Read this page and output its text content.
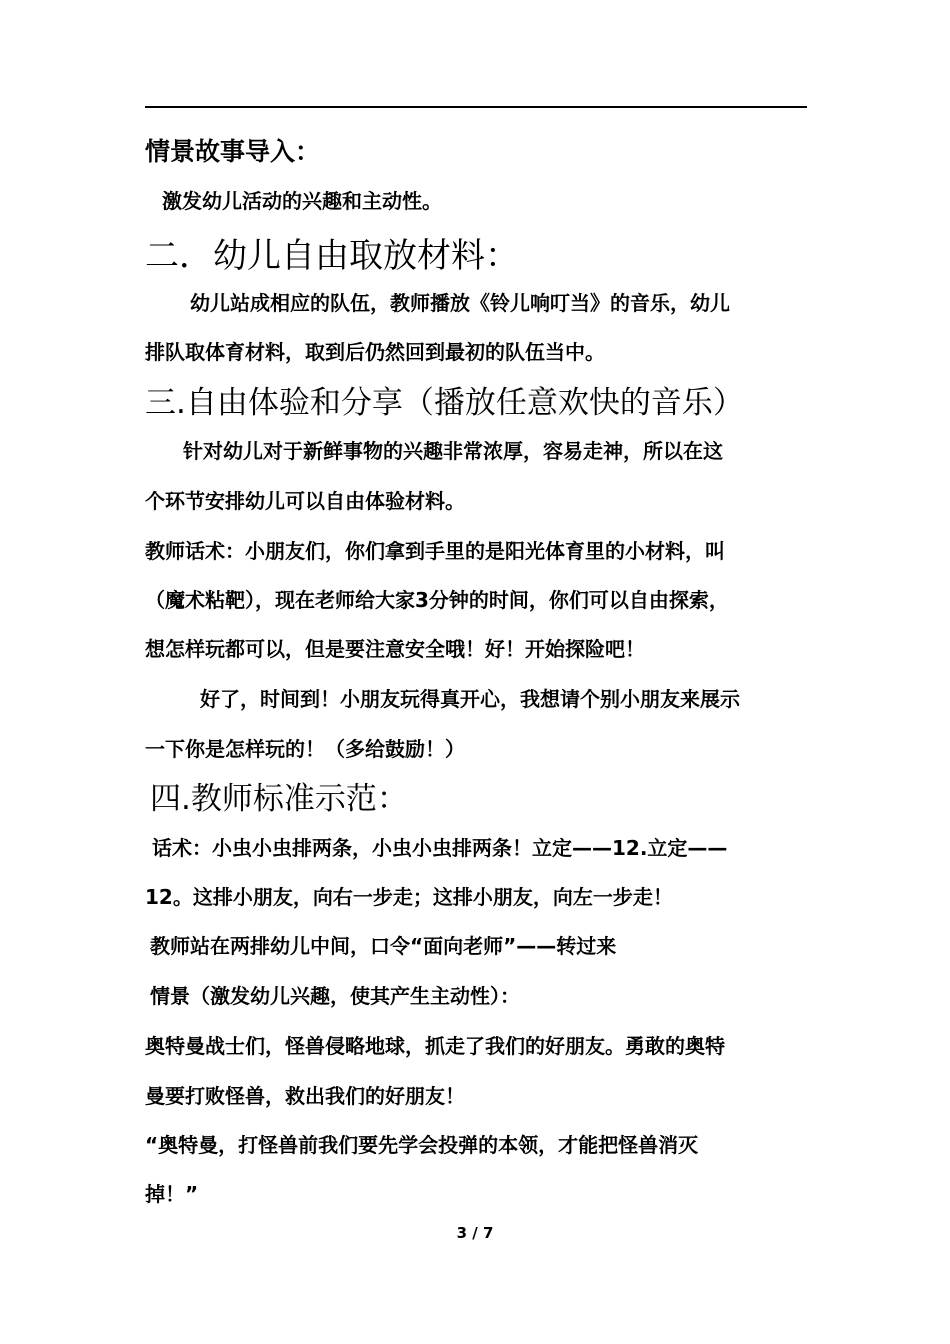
情景故事导入：
激发幼儿活动的兴趣和主动性。
二．幼儿自由取放材料：
幼儿站成相应的队伍，教师播放《铃儿响叮当》的音乐，幼儿
排队取体育材料，取到后仍然回到最初的队伍当中。
三.自由体验和分享（播放任意欢快的音乐）
针对幼儿对于新鲜事物的兴趣非常浓厚，容易走神，所以在这
个环节安排幼儿可以自由体验材料。
教师话术：小朋友们，你们拿到手里的是阳光体育里的小材料，叫
（魔术粘靶），现在老师给大家3分钟的时间，你们可以自由探索，
想怎样玩都可以，但是要注意安全哦！好！开始探险吧！
好了，时间到！小朋友玩得真开心，我想请个别小朋友来展示
一下你是怎样玩的！（多给鼓励！）
四.教师标准示范：
话术：小虫小虫排两条，小虫小虫排两条！立定——12.立定——
12。这排小朋友，向右一步走；这排小朋友，向左一步走！
教师站在两排幼儿中间，口令“面向老师”——转过来
情景（激发幼儿兴趣，使其产生主动性）：
奥特曼战士们，怪兽侵略地球，抓走了我们的好朋友。勇敢的奥特
曼要打败怪兽，救出我们的好朋友！
“奥特曼，打怪兽前我们要先学会投弹的本领，才能把怪兽消灭
掉！”
3 / 7
